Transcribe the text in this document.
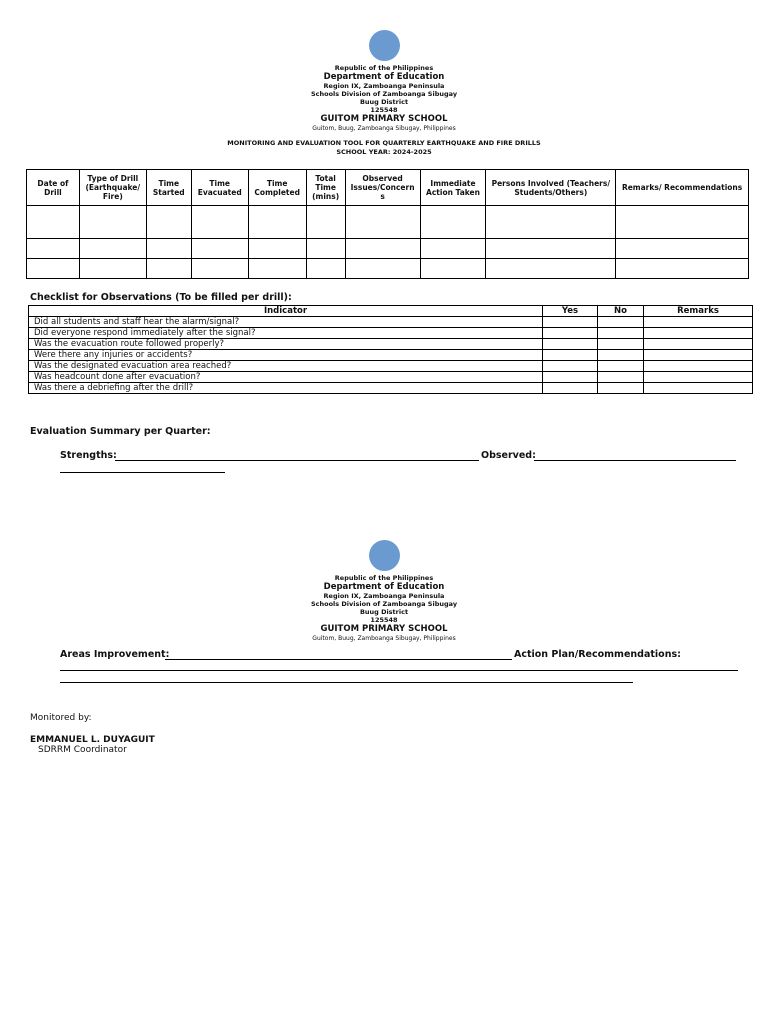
Republic of the Philippines
Department of Education
Region IX, Zamboanga Peninsula
Schools Division of Zamboanga Sibugay
Buug District
125548
GUITOM PRIMARY SCHOOL
Guitom, Buug, Zamboanga Sibugay, Philippines
MONITORING AND EVALUATION TOOL FOR QUARTERLY EARTHQUAKE AND FIRE DRILLS
SCHOOL YEAR: 2024-2025
Date of Drill	Type of Drill (Earthquake/ Fire)	Time Started	Time Evacuated	Time Completed	Total Time (mins)	Observed Issues/Concern s	Immediate Action Taken	Persons Involved (Teachers/ Students/Others)	Remarks/ Recommendations

Checklist for Observations (To be filled per drill):
Indicator	Yes	No	Remarks
Did all students and staff hear the alarm/signal?			
Did everyone respond immediately after the signal?			
Was the evacuation route followed properly?			
Were there any injuries or accidents?			
Was the designated evacuation area reached?			
Was headcount done after evacuation?			
Was there a debriefing after the drill?			
Evaluation Summary per Quarter:
Strengths:	Observed:
Republic of the Philippines
Department of Education
Region IX, Zamboanga Peninsula
Schools Division of Zamboanga Sibugay
Buug District
125548
GUITOM PRIMARY SCHOOL
Guitom, Buug, Zamboanga Sibugay, Philippines
Areas Improvement:	Action Plan/Recommendations:
Monitored by:
EMMANUEL L. DUYAGUIT
SDRRM Coordinator
